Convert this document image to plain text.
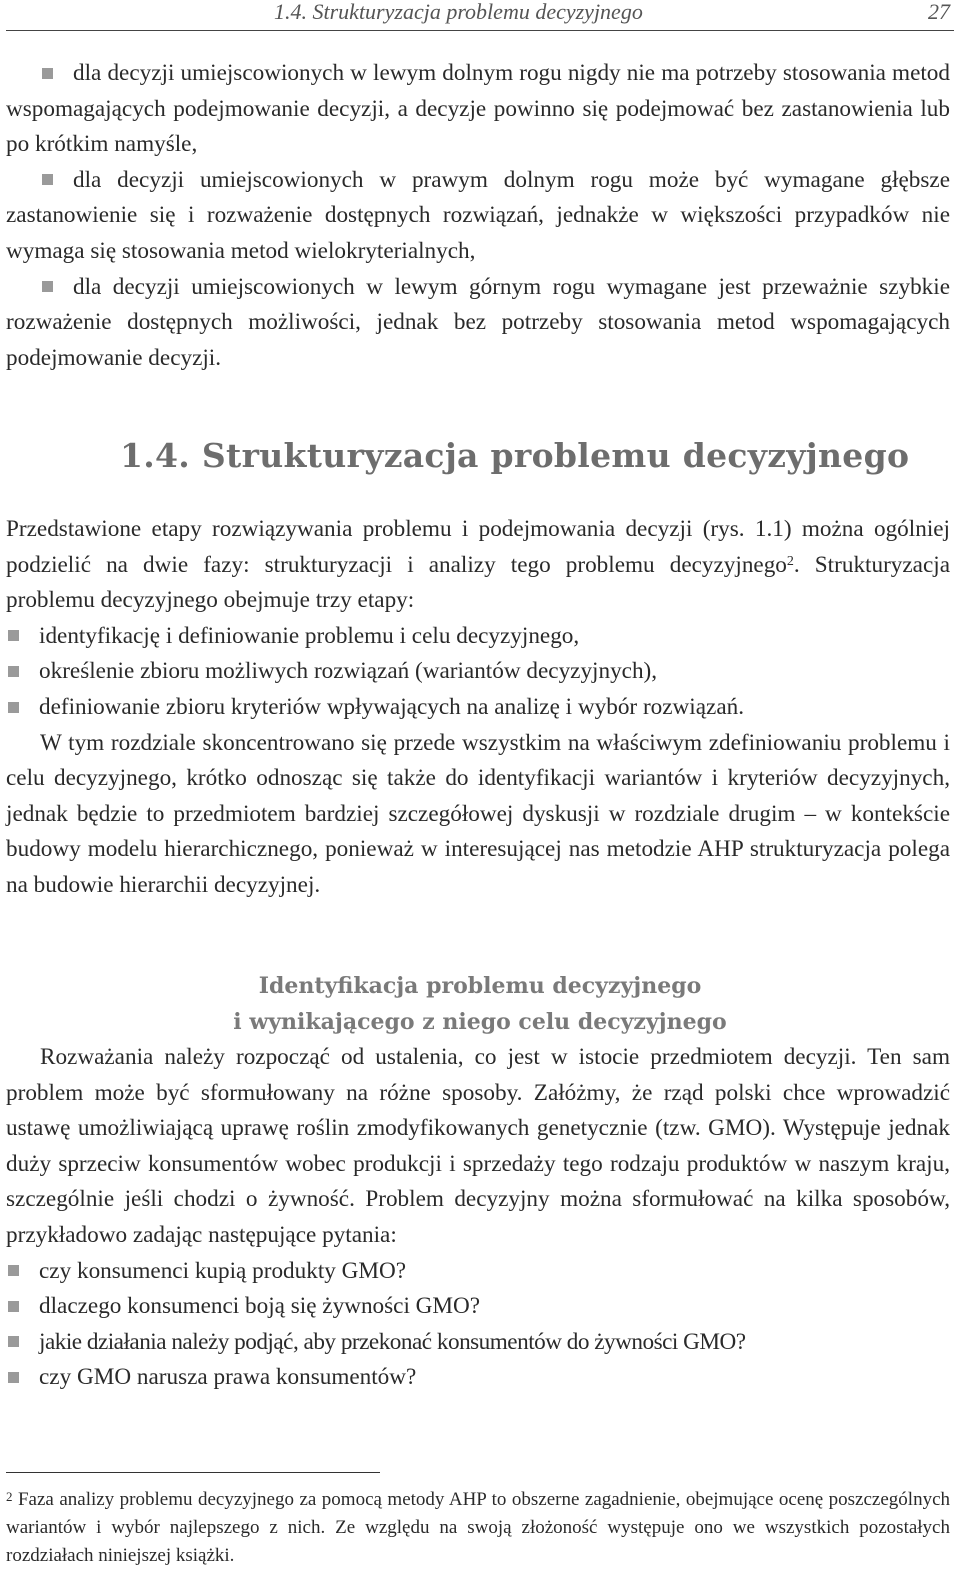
1.4. Strukturyzacja problemu decyzyjnego	27
dla decyzji umiejscowionych w lewym dolnym rogu nigdy nie ma potrzeby stosowania metod wspomagających podejmowanie decyzji, a decyzje powinno się podejmować bez zastanowienia lub po krótkim namyśle,
dla decyzji umiejscowionych w prawym dolnym rogu może być wymagane głębsze zastanowienie się i rozważenie dostępnych rozwiązań, jednakże w większości przypadków nie wymaga się stosowania metod wielokryterialnych,
dla decyzji umiejscowionych w lewym górnym rogu wymagane jest przeważnie szybkie rozważenie dostępnych możliwości, jednak bez potrzeby stosowania metod wspomagających podejmowanie decyzji.
1.4. Strukturyzacja problemu decyzyjnego

Przedstawione etapy rozwiązywania problemu i podejmowania decyzji (rys. 1.1) można ogólniej podzielić na dwie fazy: strukturyzacji i analizy tego problemu decyzyjnego$^2$. Strukturyzacja problemu decyzyjnego obejmuje trzy etapy:

identyfikację i definiowanie problemu i celu decyzyjnego,
określenie zbioru możliwych rozwiązań (wariantów decyzyjnych),
definiowanie zbioru kryteriów wpływających na analizę i wybór rozwiązań.

W tym rozdziale skoncentrowano się przede wszystkim na właściwym zdefiniowaniu problemu i celu decyzyjnego, krótko odnosząc się także do identyfikacji wariantów i kryteriów decyzyjnych, jednak będzie to przedmiotem bardziej szczegółowej dyskusji w rozdziale drugim – w kontekście budowy modelu hierarchicznego, ponieważ w interesującej nas metodzie AHP strukturyzacja polega na budowie hierarchii decyzyjnej.

Identyfikacja problemu decyzyjnego
i wynikającego z niego celu decyzyjnego

Rozważania należy rozpocząć od ustalenia, co jest w istocie przedmiotem decyzji. Ten sam problem może być sformułowany na różne sposoby. Załóżmy, że rząd polski chce wprowadzić ustawę umożliwiającą uprawę roślin zmodyfikowanych genetycznie (tzw. GMO). Występuje jednak duży sprzeciw konsumentów wobec produkcji i sprzedaży tego rodzaju produktów w naszym kraju, szczególnie jeśli chodzi o żywność. Problem decyzyjny można sformułować na kilka sposobów, przykładowo zadając następujące pytania:

czy konsumenci kupią produkty GMO?
dlaczego konsumenci boją się żywności GMO?
jakie działania należy podjąć, aby przekonać konsumentów do żywności GMO?
czy GMO narusza prawa konsumentów?
$^2$ Faza analizy problemu decyzyjnego za pomocą metody AHP to obszerne zagadnienie, obejmujące ocenę poszczególnych wariantów i wybór najlepszego z nich. Ze względu na swoją złożoność występuje ono we wszystkich pozostałych rozdziałach niniejszej książki.
